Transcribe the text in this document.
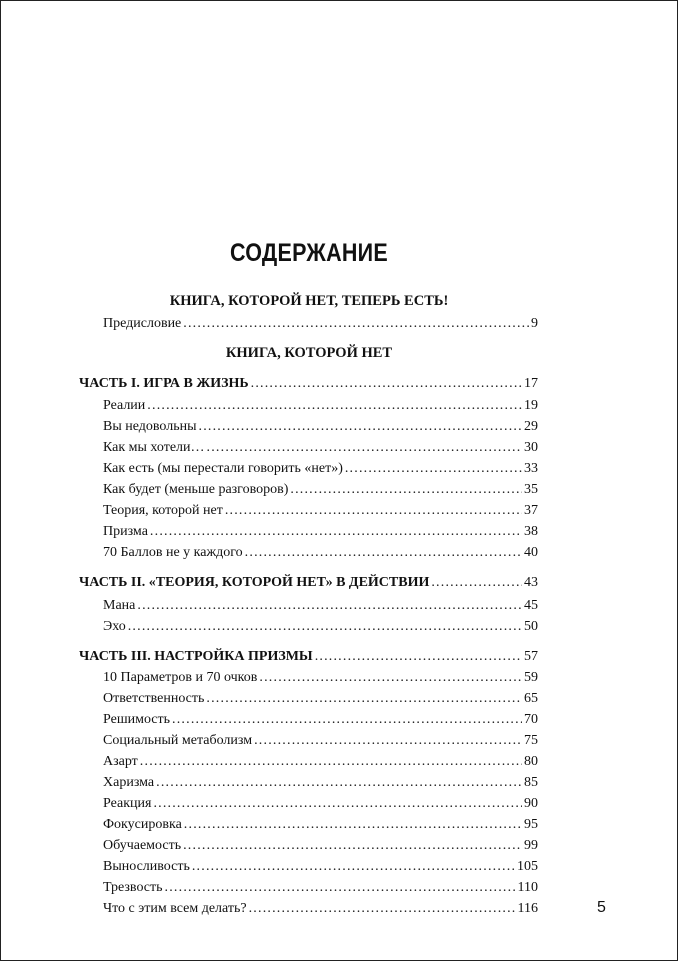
СОДЕРЖАНИЕ
КНИГА, КОТОРОЙ НЕТ, ТЕПЕРЬ ЕСТЬ!
Предисловие .....	9
КНИГА, КОТОРОЙ НЕТ
ЧАСТЬ I. ИГРА В ЖИЗНЬ .....	17
Реалии .....	19
Вы недовольны .....	29
Как мы хотели… .....	30
Как есть (мы перестали говорить «нет») .....	33
Как будет (меньше разговоров) .....	35
Теория, которой нет .....	37
Призма .....	38
70 Баллов не у каждого .....	40
ЧАСТЬ II. «ТЕОРИЯ, КОТОРОЙ НЕТ» В ДЕЙСТВИИ .....	43
Мана .....	45
Эхо .....	50
ЧАСТЬ III. НАСТРОЙКА ПРИЗМЫ .....	57
10 Параметров и 70 очков .....	59
Ответственность .....	65
Решимость .....	70
Социальный метаболизм .....	75
Азарт .....	80
Харизма .....	85
Реакция .....	90
Фокусировка .....	95
Обучаемость .....	99
Выносливость .....	105
Трезвость .....	110
Что с этим всем делать? .....	116	5
